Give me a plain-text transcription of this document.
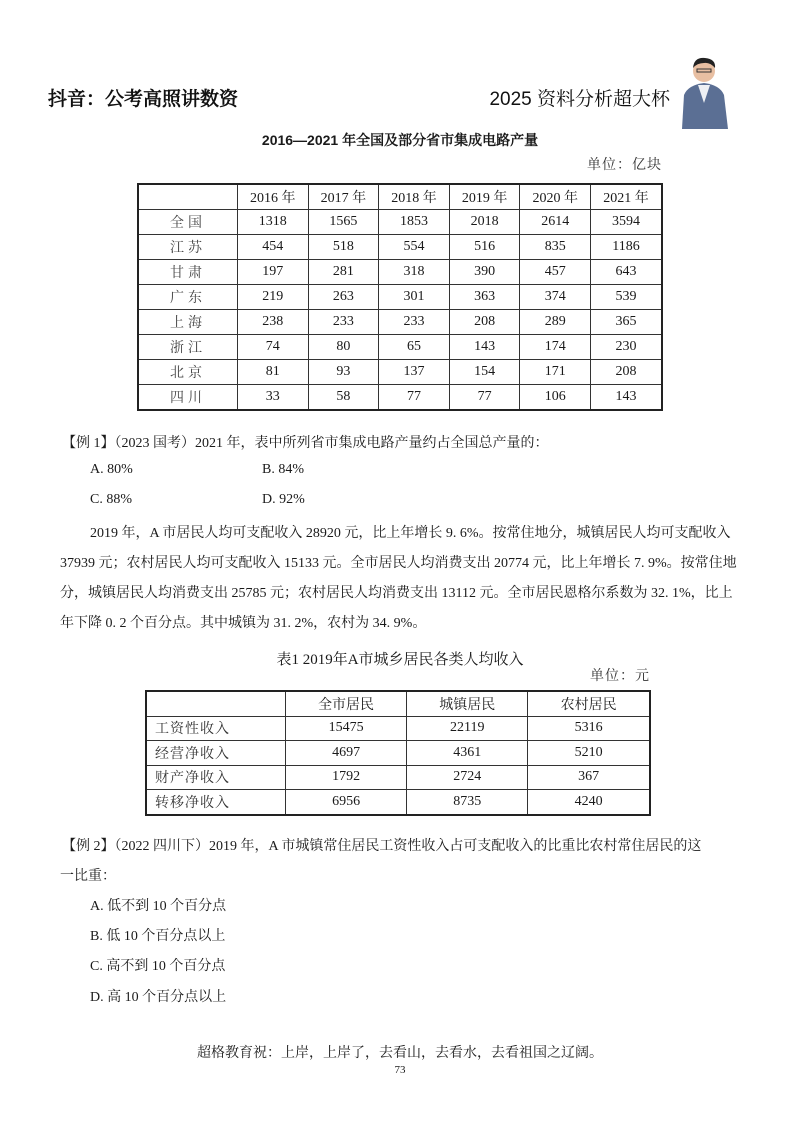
抖音：公考高照讲数资	2025 资料分析超大杯
2016—2021 年全国及部分省市集成电路产量
单位：亿块
	2016 年	2017 年	2018 年	2019 年	2020 年	2021 年
全国	1318	1565	1853	2018	2614	3594
江苏	454	518	554	516	835	1186
甘肃	197	281	318	390	457	643
广东	219	263	301	363	374	539
上海	238	233	233	208	289	365
浙江	74	80	65	143	174	230
北京	81	93	137	154	171	208
四川	33	58	77	77	106	143
【例 1】（2023 国考）2021 年，表中所列省市集成电路产量约占全国总产量的：
A. 80%	B. 84%
C. 88%	D. 92%
2019 年，A 市居民人均可支配收入 28920 元，比上年增长 9. 6%。按常住地分，城镇居民人均可支配收入
37939 元；农村居民人均可支配收入 15133 元。全市居民人均消费支出 20774 元，比上年增长 7. 9%。按常住地
分，城镇居民人均消费支出 25785 元；农村居民人均消费支出 13112 元。全市居民恩格尔系数为 32. 1%，比上
年下降 0. 2 个百分点。其中城镇为 31. 2%，农村为 34. 9%。
表1 2019年A市城乡居民各类人均收入
单位：元
	全市居民	城镇居民	农村居民
工资性收入	15475	22119	5316
经营净收入	4697	4361	5210
财产净收入	1792	2724	367
转移净收入	6956	8735	4240
【例 2】（2022 四川下）2019 年，A 市城镇常住居民工资性收入占可支配收入的比重比农村常住居民的这
一比重：
A. 低不到 10 个百分点
B. 低 10 个百分点以上
C. 高不到 10 个百分点
D. 高 10 个百分点以上
超格教育祝：上岸，上岸了，去看山，去看水，去看祖国之辽阔。
73
